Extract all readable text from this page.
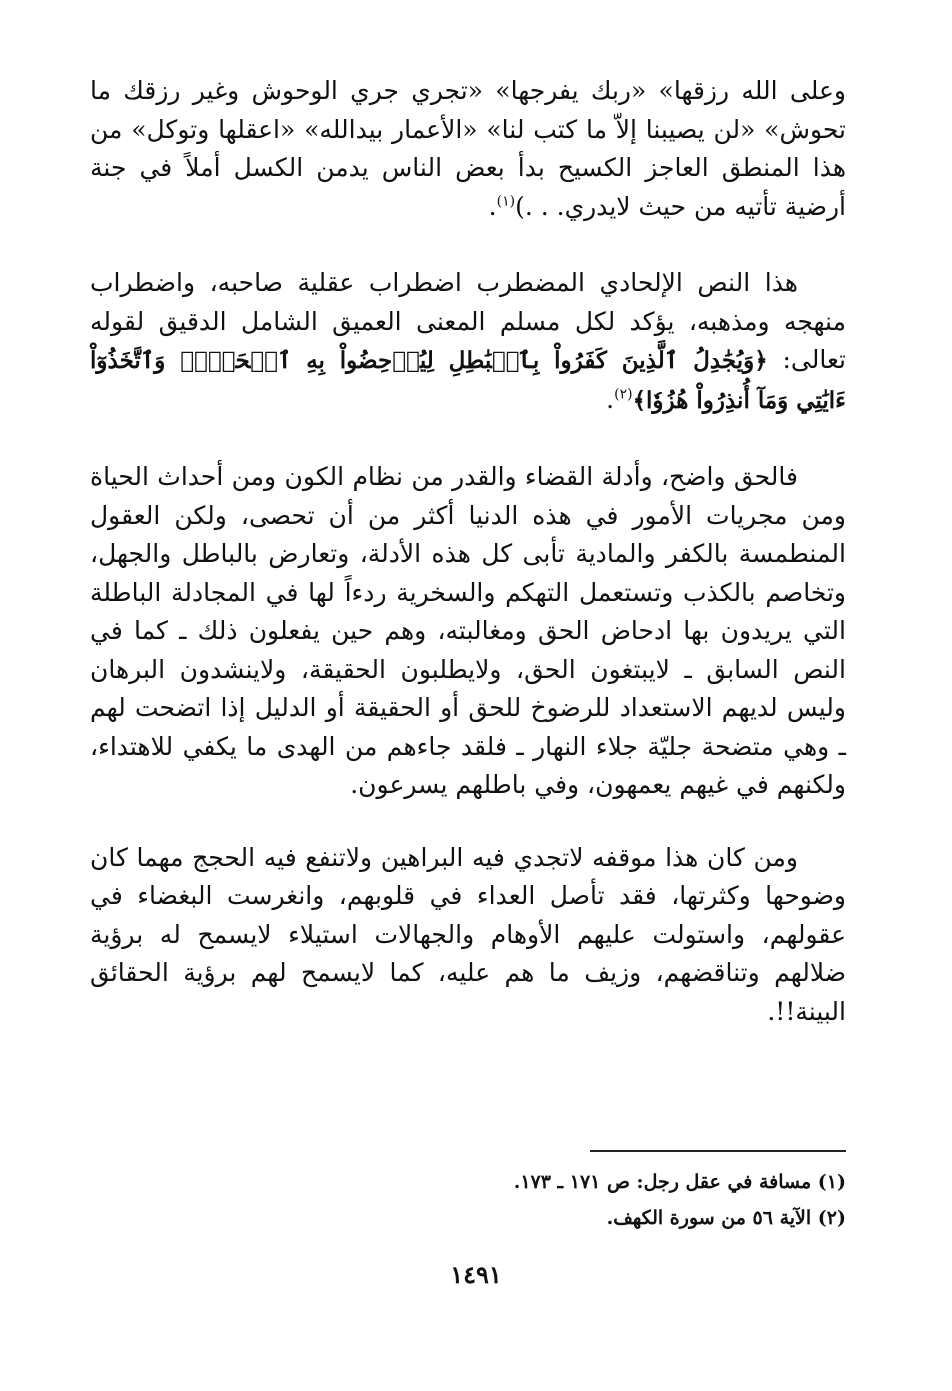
وعلى الله رزقها» «ربك يفرجها» «تجري جري الوحوش وغير رزقك ما تحوش» «لن يصيبنا إلاّ ما كتب لنا» «الأعمار بيدالله» «اعقلها وتوكل» من هذا المنطق العاجز الكسيح بدأ بعض الناس يدمن الكسل أملاً في جنة أرضية تأتيه من حيث لايدري. . .)$^{(١)}$.

هذا النص الإلحادي المضطرب اضطراب عقلية صاحبه، واضطراب منهجه ومذهبه، يؤكد لكل مسلم المعنى العميق الشامل الدقيق لقوله تعالى: ﴿وَيُجَٰدِلُ ٱلَّذِينَ كَفَرُواْ بِٱلۡبَٰطِلِ لِيُدۡحِضُواْ بِهِ ٱلۡحَقَّۖ وَٱتَّخَذُوٓاْ ءَايَٰتِي وَمَآ أُنذِرُواْ هُزُوٗا﴾$^{(٢)}$.

فالحق واضح، وأدلة القضاء والقدر من نظام الكون ومن أحداث الحياة ومن مجريات الأمور في هذه الدنيا أكثر من أن تحصى، ولكن العقول المنطمسة بالكفر والمادية تأبى كل هذه الأدلة، وتعارض بالباطل والجهل، وتخاصم بالكذب وتستعمل التهكم والسخرية ردءاً لها في المجادلة الباطلة التي يريدون بها ادحاض الحق ومغالبته، وهم حين يفعلون ذلك ـ كما في النص السابق ـ لايبتغون الحق، ولايطلبون الحقيقة، ولاينشدون البرهان وليس لديهم الاستعداد للرضوخ للحق أو الحقيقة أو الدليل إذا اتضحت لهم ـ وهي متضحة جليّة جلاء النهار ـ فلقد جاءهم من الهدى ما يكفي للاهتداء، ولكنهم في غيهم يعمهون، وفي باطلهم يسرعون.

ومن كان هذا موقفه لاتجدي فيه البراهين ولاتنفع فيه الحجج مهما كان وضوحها وكثرتها، فقد تأصل العداء في قلوبهم، وانغرست البغضاء في عقولهم، واستولت عليهم الأوهام والجهالات استيلاء لايسمح له برؤية ضلالهم وتناقضهم، وزيف ما هم عليه، كما لايسمح لهم برؤية الحقائق البينة!!.

(١) مسافة في عقل رجل: ص ١٧١ ـ ١٧٣.
(٢) الآية ٥٦ من سورة الكهف.
١٤٩١
